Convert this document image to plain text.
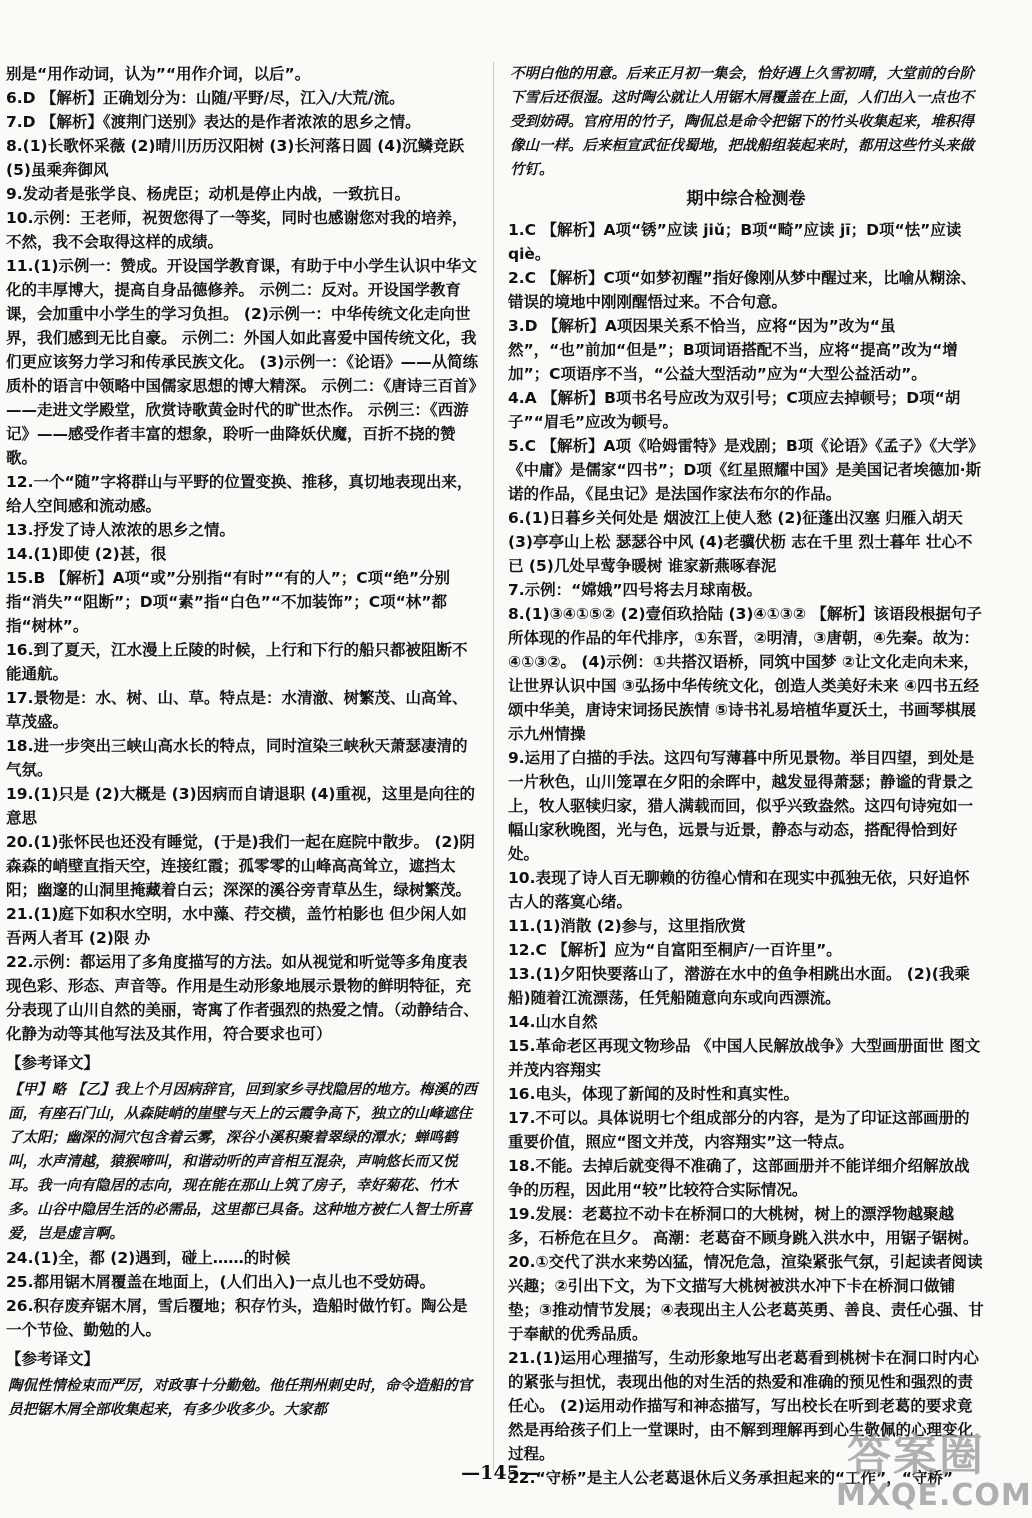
别是“用作动词，认为”“用作介词，以后”。

6.D 【解析】正确划分为：山随/平野/尽，江入/大荒/流。

7.D 【解析】《渡荆门送别》表达的是作者浓浓的思乡之情。

8.(1)长歌怀采薇 (2)晴川历历汉阳树 (3)长河落日圆 (4)沉鳞竞跃 (5)虽乘奔御风

9.发动者是张学良、杨虎臣；动机是停止内战，一致抗日。

10.示例：王老师，祝贺您得了一等奖，同时也感谢您对我的培养，不然，我不会取得这样的成绩。

11.(1)示例一：赞成。开设国学教育课，有助于中小学生认识中华文化的丰厚博大，提高自身品德修养。 示例二：反对。开设国学教育课，会加重中小学生的学习负担。 (2)示例一：中华传统文化走向世界，我们感到无比自豪。 示例二：外国人如此喜爱中国传统文化，我们更应该努力学习和传承民族文化。 (3)示例一：《论语》——从简练质朴的语言中领略中国儒家思想的博大精深。 示例二：《唐诗三百首》——走进文学殿堂，欣赏诗歌黄金时代的旷世杰作。 示例三：《西游记》——感受作者丰富的想象，聆听一曲降妖伏魔，百折不挠的赞歌。

12.一个“随”字将群山与平野的位置变换、推移，真切地表现出来，给人空间感和流动感。

13.抒发了诗人浓浓的思乡之情。

14.(1)即使 (2)甚，很

15.B 【解析】A项“或”分别指“有时”“有的人”；C项“绝”分别指“消失”“阻断”；D项“素”指“白色”“不加装饰”；C项“林”都指“树林”。

16.到了夏天，江水漫上丘陵的时候，上行和下行的船只都被阻断不能通航。

17.景物是：水、树、山、草。特点是：水清澈、树繁茂、山高耸、草茂盛。

18.进一步突出三峡山高水长的特点，同时渲染三峡秋天萧瑟凄清的气氛。

19.(1)只是 (2)大概是 (3)因病而自请退职 (4)重视，这里是向往的意思

20.(1)张怀民也还没有睡觉，(于是)我们一起在庭院中散步。 (2)阴森森的峭壁直指天空，连接红霞；孤零零的山峰高高耸立，遮挡太阳；幽邃的山洞里掩藏着白云；深深的溪谷旁青草丛生，绿树繁茂。

21.(1)庭下如积水空明，水中藻、荇交横，盖竹柏影也 但少闲人如吾两人者耳 (2)限 办

22.示例：都运用了多角度描写的方法。如从视觉和听觉等多角度表现色彩、形态、声音等。作用是生动形象地展示景物的鲜明特征，充分表现了山川自然的美丽，寄寓了作者强烈的热爱之情。（动静结合、化静为动等其他写法及其作用，符合要求也可）

【参考译文】

【甲】略 【乙】我上个月因病辞官，回到家乡寻找隐居的地方。梅溪的西面，有座石门山，从森陡峭的崖壁与天上的云霞争高下，独立的山峰遮住了太阳；幽深的洞穴包含着云雾，深谷小溪积聚着翠绿的潭水；蝉鸣鹤叫，水声清越，猿猴啼叫，和谐动听的声音相互混杂，声响悠长而又悦耳。我一向有隐居的志向，现在能在那山上筑了房子，幸好菊花、竹木多。山谷中隐居生活的必需品，这里都已具备。这种地方被仁人智士所喜爱，岂是虚言啊。

24.(1)全，都 (2)遇到，碰上……的时候

25.都用锯木屑覆盖在地面上，(人们出入)一点儿也不受妨碍。

26.积存废弃锯木屑，雪后覆地；积存竹头，造船时做竹钉。陶公是一个节俭、勤勉的人。

【参考译文】

陶侃性情检束而严厉，对政事十分勤勉。他任荆州刺史时，命令造船的官员把锯木屑全部收集起来，有多少收多少。大家都

不明白他的用意。后来正月初一集会，恰好遇上久雪初晴，大堂前的台阶下雪后还很湿。这时陶公就让人用锯木屑覆盖在上面，人们出入一点也不受到妨碍。官府用的竹子，陶侃总是命令把锯下的竹头收集起来，堆积得像山一样。后来桓宣武征伐蜀地，把战船组装起来时，都用这些竹头来做竹钉。

期中综合检测卷

1.C 【解析】A项“锈”应读 jiǔ；B项“畸”应读 jī；D项“怯”应读 qiè。

2.C 【解析】C项“如梦初醒”指好像刚从梦中醒过来，比喻从糊涂、错误的境地中刚刚醒悟过来。不合句意。

3.D 【解析】A项因果关系不恰当，应将“因为”改为“虽然”，“也”前加“但是”；B项词语搭配不当，应将“提高”改为“增加”；C项语序不当，“公益大型活动”应为“大型公益活动”。

4.A 【解析】B项书名号应改为双引号；C项应去掉顿号；D项“胡子”“眉毛”应改为顿号。

5.C 【解析】A项《哈姆雷特》是戏剧；B项《论语》《孟子》《大学》《中庸》是儒家“四书”；D项《红星照耀中国》是美国记者埃德加·斯诺的作品，《昆虫记》是法国作家法布尔的作品。

6.(1)日暮乡关何处是 烟波江上使人愁 (2)征蓬出汉塞 归雁入胡天 (3)亭亭山上松 瑟瑟谷中风 (4)老骥伏枥 志在千里 烈士暮年 壮心不已 (5)几处早莺争暖树 谁家新燕啄春泥

7.示例：“嫦娥”四号将去月球南极。

8.(1)③④①⑤② (2)壹佰玖拾陆 (3)④①③② 【解析】该语段根据句子所体现的作品的年代排序，①东晋，②明清，③唐朝，④先秦。故为：④①③②。 (4)示例：①共搭汉语桥，同筑中国梦 ②让文化走向未来，让世界认识中国 ③弘扬中华传统文化，创造人类美好未来 ④四书五经颂中华美，唐诗宋词扬民族情 ⑤诗书礼易培植华夏沃土，书画琴棋展示九州情操

9.运用了白描的手法。这四句写薄暮中所见景物。举目四望，到处是一片秋色，山川笼罩在夕阳的余晖中，越发显得萧瑟；静谧的背景之上，牧人驱犊归家，猎人满载而回，似乎兴致盎然。这四句诗宛如一幅山家秋晚图，光与色，远景与近景，静态与动态，搭配得恰到好处。

10.表现了诗人百无聊赖的彷徨心情和在现实中孤独无依，只好追怀古人的落寞心绪。

11.(1)消散 (2)参与，这里指欣赏

12.C 【解析】应为“自富阳至桐庐/一百许里”。

13.(1)夕阳快要落山了，潜游在水中的鱼争相跳出水面。 (2)(我乘船)随着江流漂荡，任凭船随意向东或向西漂流。

14.山水自然

15.革命老区再现文物珍品 《中国人民解放战争》大型画册面世 图文并茂内容翔实

16.电头，体现了新闻的及时性和真实性。

17.不可以。具体说明七个组成部分的内容，是为了印证这部画册的重要价值，照应“图文并茂，内容翔实”这一特点。

18.不能。去掉后就变得不准确了，这部画册并不能详细介绍解放战争的历程，因此用“较”比较符合实际情况。

19.发展：老葛拉不动卡在桥洞口的大桃树，树上的漂浮物越聚越多，石桥危在旦夕。 高潮：老葛奋不顾身跳入洪水中，用锯子锯树。

20.①交代了洪水来势凶猛，情况危急，渲染紧张气氛，引起读者阅读兴趣；②引出下文，为下文描写大桃树被洪水冲下卡在桥洞口做铺垫；③推动情节发展；④表现出主人公老葛英勇、善良、责任心强、甘于奉献的优秀品质。

21.(1)运用心理描写，生动形象地写出老葛看到桃树卡在洞口时内心的紧张与担忧，表现出他的对生活的热爱和准确的预见性和强烈的责任心。 (2)运用动作描写和神态描写，写出校长在听到老葛的要求竟然是再给孩子们上一堂课时，由不解到理解再到心生敬佩的心理变化过程。

22.“守桥”是主人公老葛退休后义务承担起来的“工作”，“守桥”

—145—	答案圈
MXQE.COM
